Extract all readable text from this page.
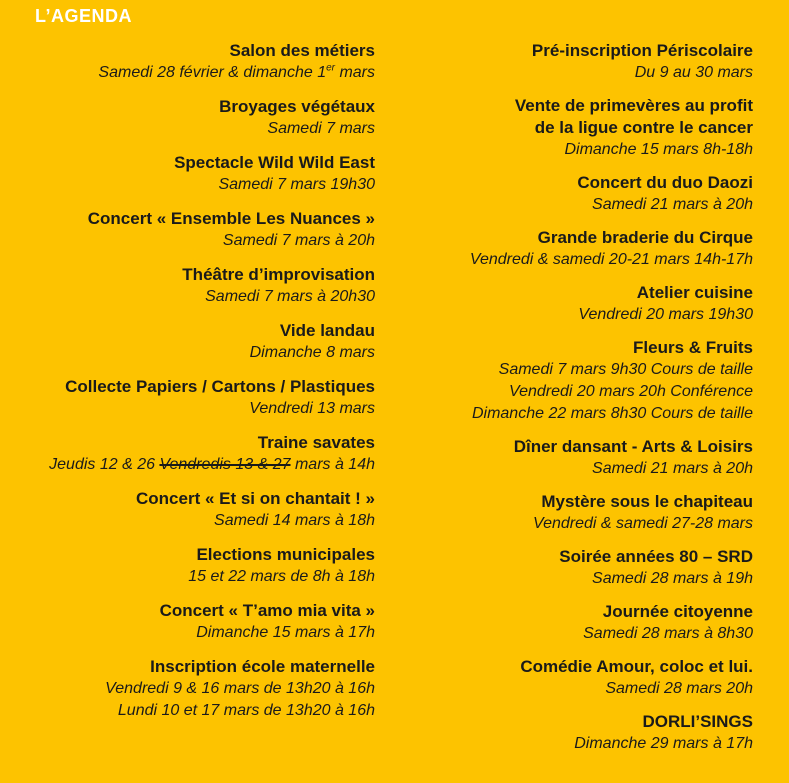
L’AGENDA
Salon des métiers
Samedi 28 février & dimanche 1er mars
Broyages végétaux
Samedi 7 mars
Spectacle Wild Wild East
Samedi 7 mars 19h30
Concert « Ensemble Les Nuances »
Samedi 7 mars à 20h
Théâtre d’improvisation
Samedi 7 mars à 20h30
Vide landau
Dimanche 8 mars
Collecte Papiers / Cartons / Plastiques
Vendredi 13 mars
Traine savates
Jeudis 12 & 26 Vendredis 13 & 27 mars à 14h
Concert « Et si on chantait ! »
Samedi 14 mars à 18h
Elections municipales
15 et 22 mars de 8h à 18h
Concert « T’amo mia vita »
Dimanche 15 mars à 17h
Inscription école maternelle
Vendredi 9 & 16 mars de 13h20 à 16h
Lundi 10 et 17 mars de 13h20 à 16h
Pré-inscription Périscolaire
Du 9 au 30 mars
Vente de primevères au profit
de la ligue contre le cancer
Dimanche 15 mars 8h-18h
Concert du duo Daozi
Samedi 21 mars à 20h
Grande braderie du Cirque
Vendredi & samedi 20-21 mars 14h-17h
Atelier cuisine
Vendredi 20 mars 19h30
Fleurs & Fruits
Samedi 7 mars 9h30 Cours de taille
Vendredi 20 mars 20h Conférence
Dimanche 22 mars 8h30 Cours de taille
Dîner dansant - Arts & Loisirs
Samedi 21 mars à 20h
Mystère sous le chapiteau
Vendredi & samedi 27-28 mars
Soirée années 80 – SRD
Samedi 28 mars à 19h
Journée citoyenne
Samedi 28 mars à 8h30
Comédie Amour, coloc et lui.
Samedi 28 mars 20h
DORLI’SINGS
Dimanche 29 mars à 17h
